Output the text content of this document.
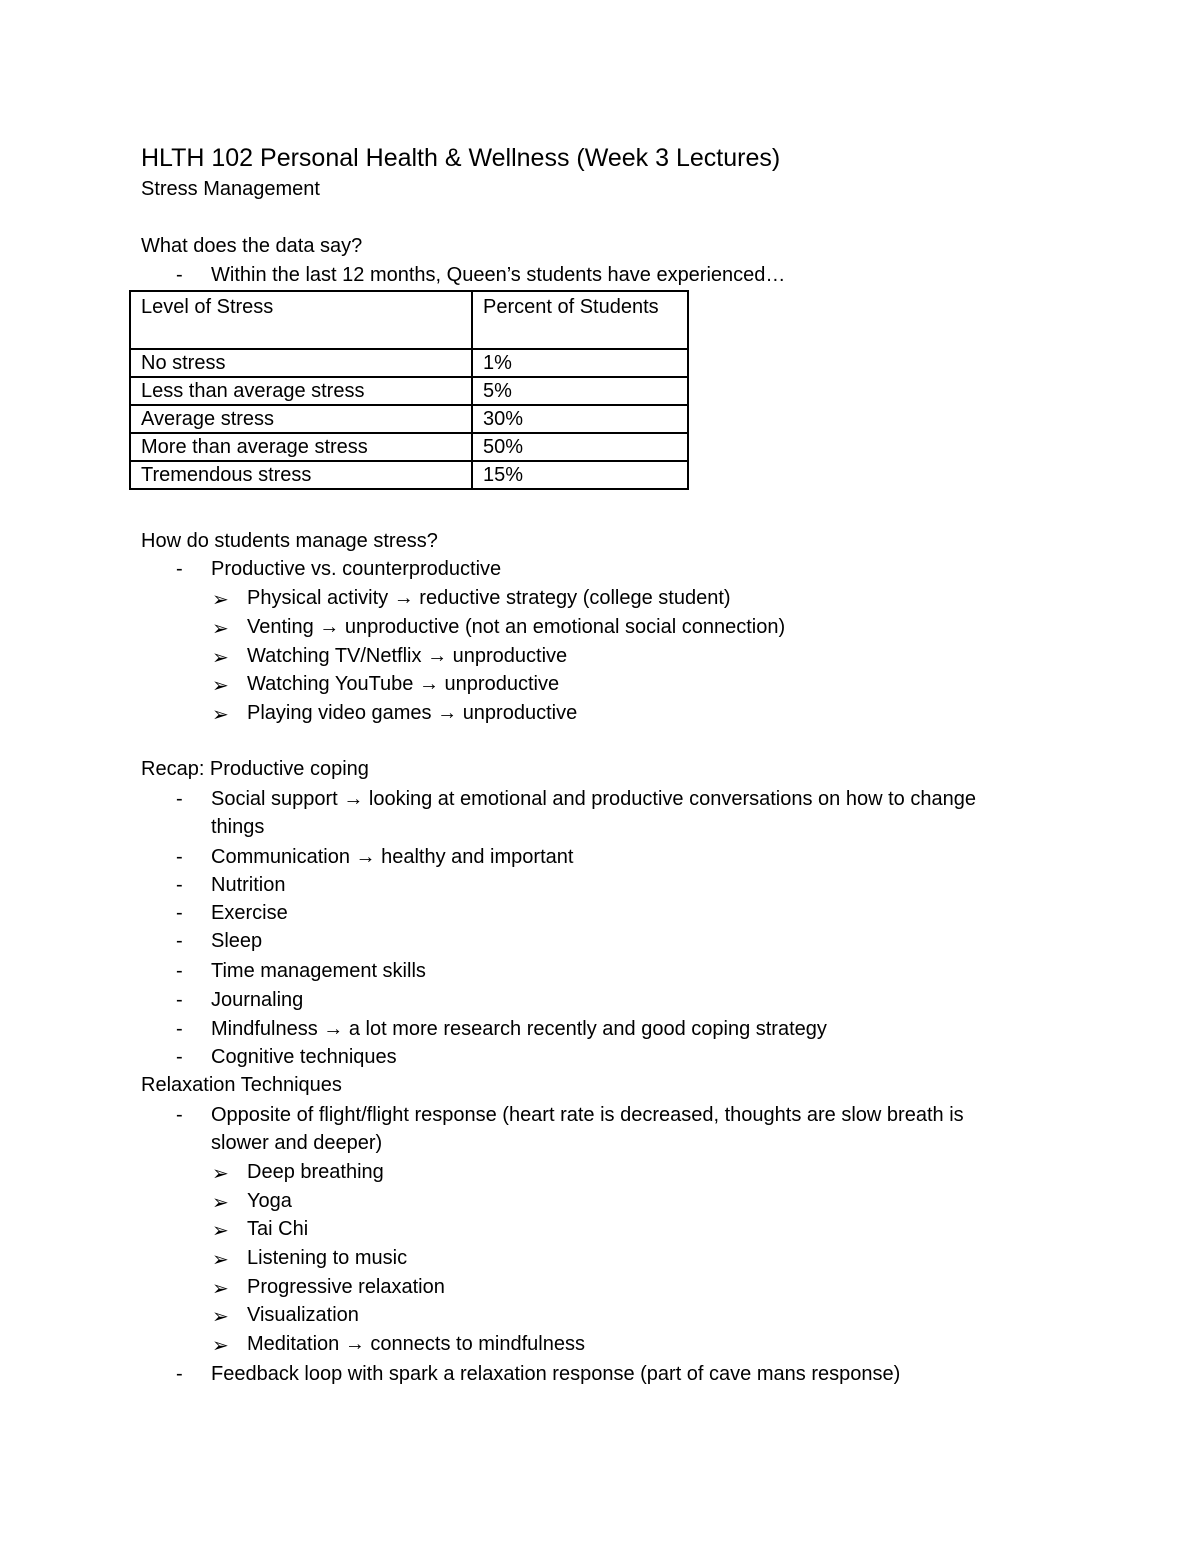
HLTH 102 Personal Health & Wellness (Week 3 Lectures)
Stress Management
What does the data say?
- Within the last 12 months, Queen’s students have experienced…
Level of Stress	Percent of Students
No stress	1%
Less than average stress	5%
Average stress	30%
More than average stress	50%
Tremendous stress	15%
How do students manage stress?
- Productive vs. counterproductive
➢ Physical activity → reductive strategy (college student)
➢ Venting → unproductive (not an emotional social connection)
➢ Watching TV/Netflix → unproductive
➢ Watching YouTube → unproductive
➢ Playing video games → unproductive
Recap: Productive coping
- Social support → looking at emotional and productive conversations on how to change
things
- Communication → healthy and important
- Nutrition
- Exercise
- Sleep
- Time management skills
- Journaling
- Mindfulness → a lot more research recently and good coping strategy
- Cognitive techniques
Relaxation Techniques
- Opposite of flight/flight response (heart rate is decreased, thoughts are slow breath is
slower and deeper)
➢ Deep breathing
➢ Yoga
➢ Tai Chi
➢ Listening to music
➢ Progressive relaxation
➢ Visualization
➢ Meditation → connects to mindfulness
- Feedback loop with spark a relaxation response (part of cave mans response)
